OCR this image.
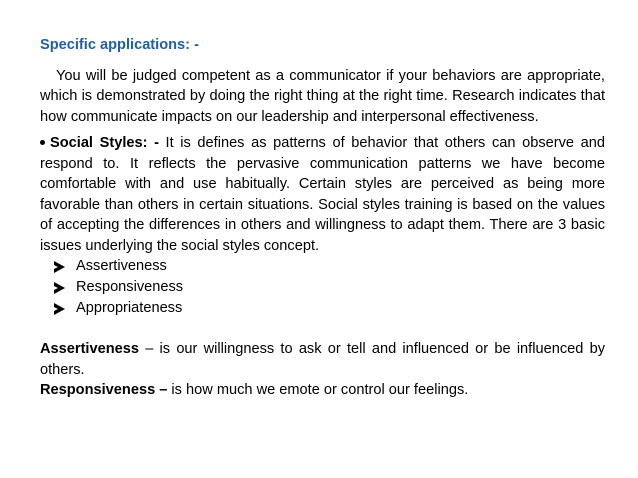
Specific applications: -

You will be judged competent as a communicator if your behaviors are appropriate, which is demonstrated by doing the right thing at the right time. Research indicates that how communicate impacts on our leadership and interpersonal effectiveness.

Social Styles: - It is defines as patterns of behavior that others can observe and respond to. It reflects the pervasive communication patterns we have become comfortable with and use habitually. Certain styles are perceived as being more favorable than others in certain situations. Social styles training is based on the values of accepting the differences in others and willingness to adapt them. There are 3 basic issues underlying the social styles concept.

Assertiveness
Responsiveness
Appropriateness

Assertiveness – is our willingness to ask or tell and influenced or be influenced by others.

Responsiveness – is how much we emote or control our feelings.
